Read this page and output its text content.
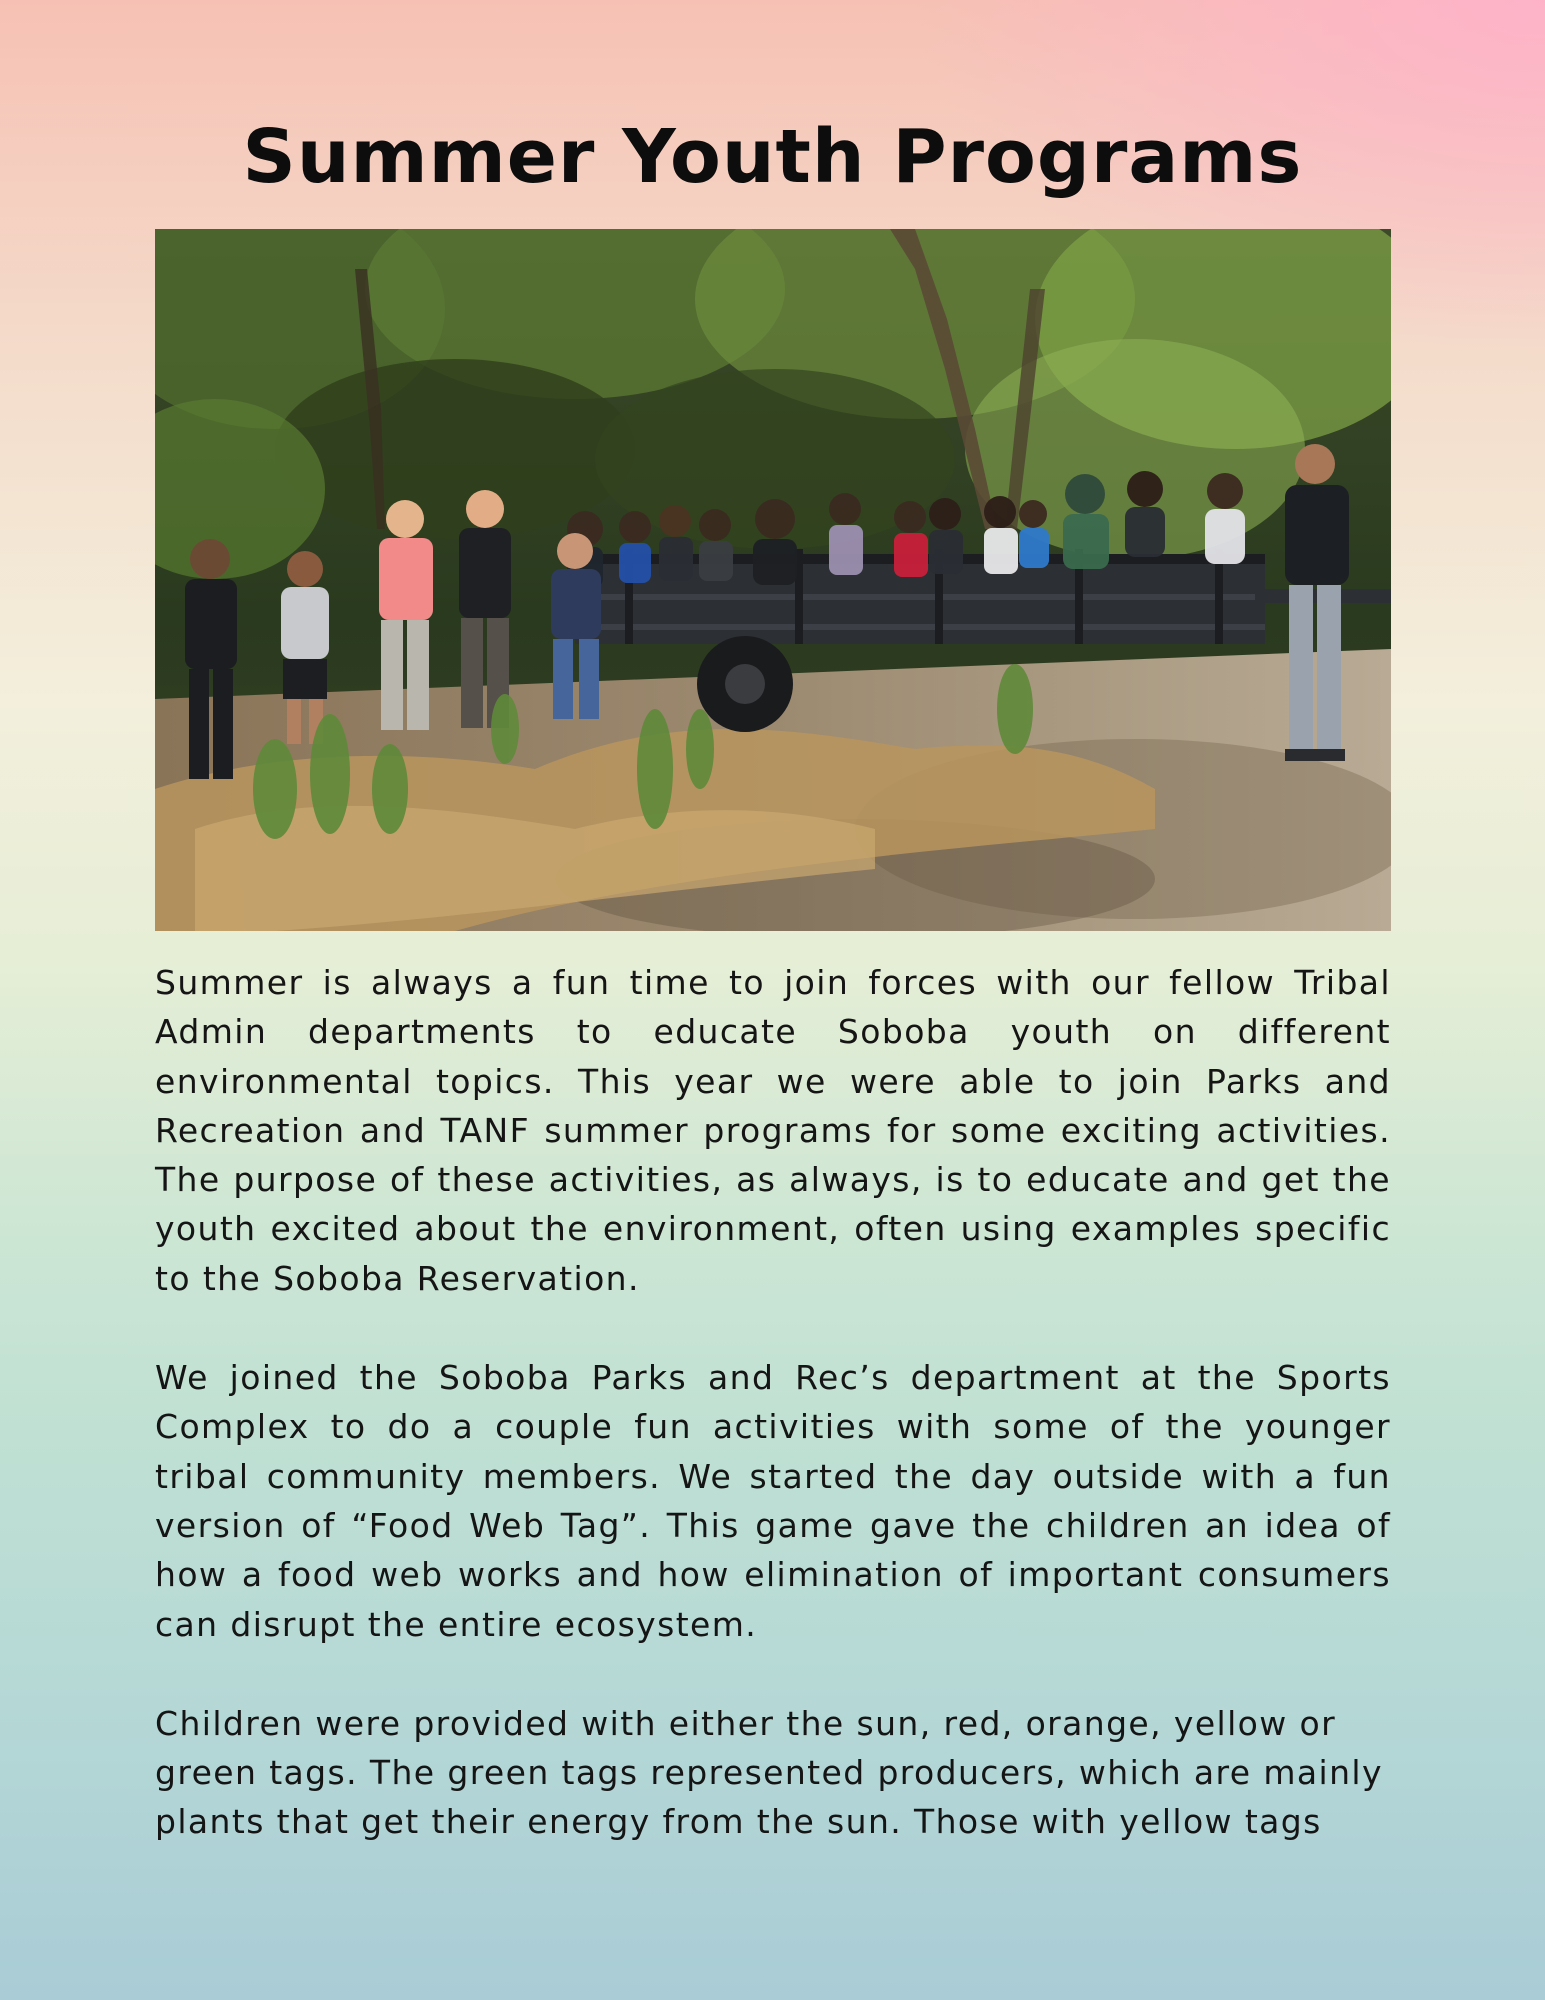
Summer Youth Programs

Summer is always a fun time to join forces with our fellow Tribal Admin departments to educate Soboba youth on different environmental topics. This year we were able to join Parks and Recreation and TANF summer programs for some exciting activities. The purpose of these activities, as always, is to educate and get the youth excited about the environment, often using examples specific to the Soboba Reservation.

We joined the Soboba Parks and Rec’s department at the Sports Complex to do a couple fun activities with some of the younger tribal community members. We started the day outside with a fun version of “Food Web Tag”. This game gave the children an idea of how a food web works and how elimination of important consumers can disrupt the entire ecosystem.

Children were provided with either the sun, red, orange, yellow or green tags. The green tags represented producers, which are mainly plants that get their energy from the sun. Those with yellow tags
